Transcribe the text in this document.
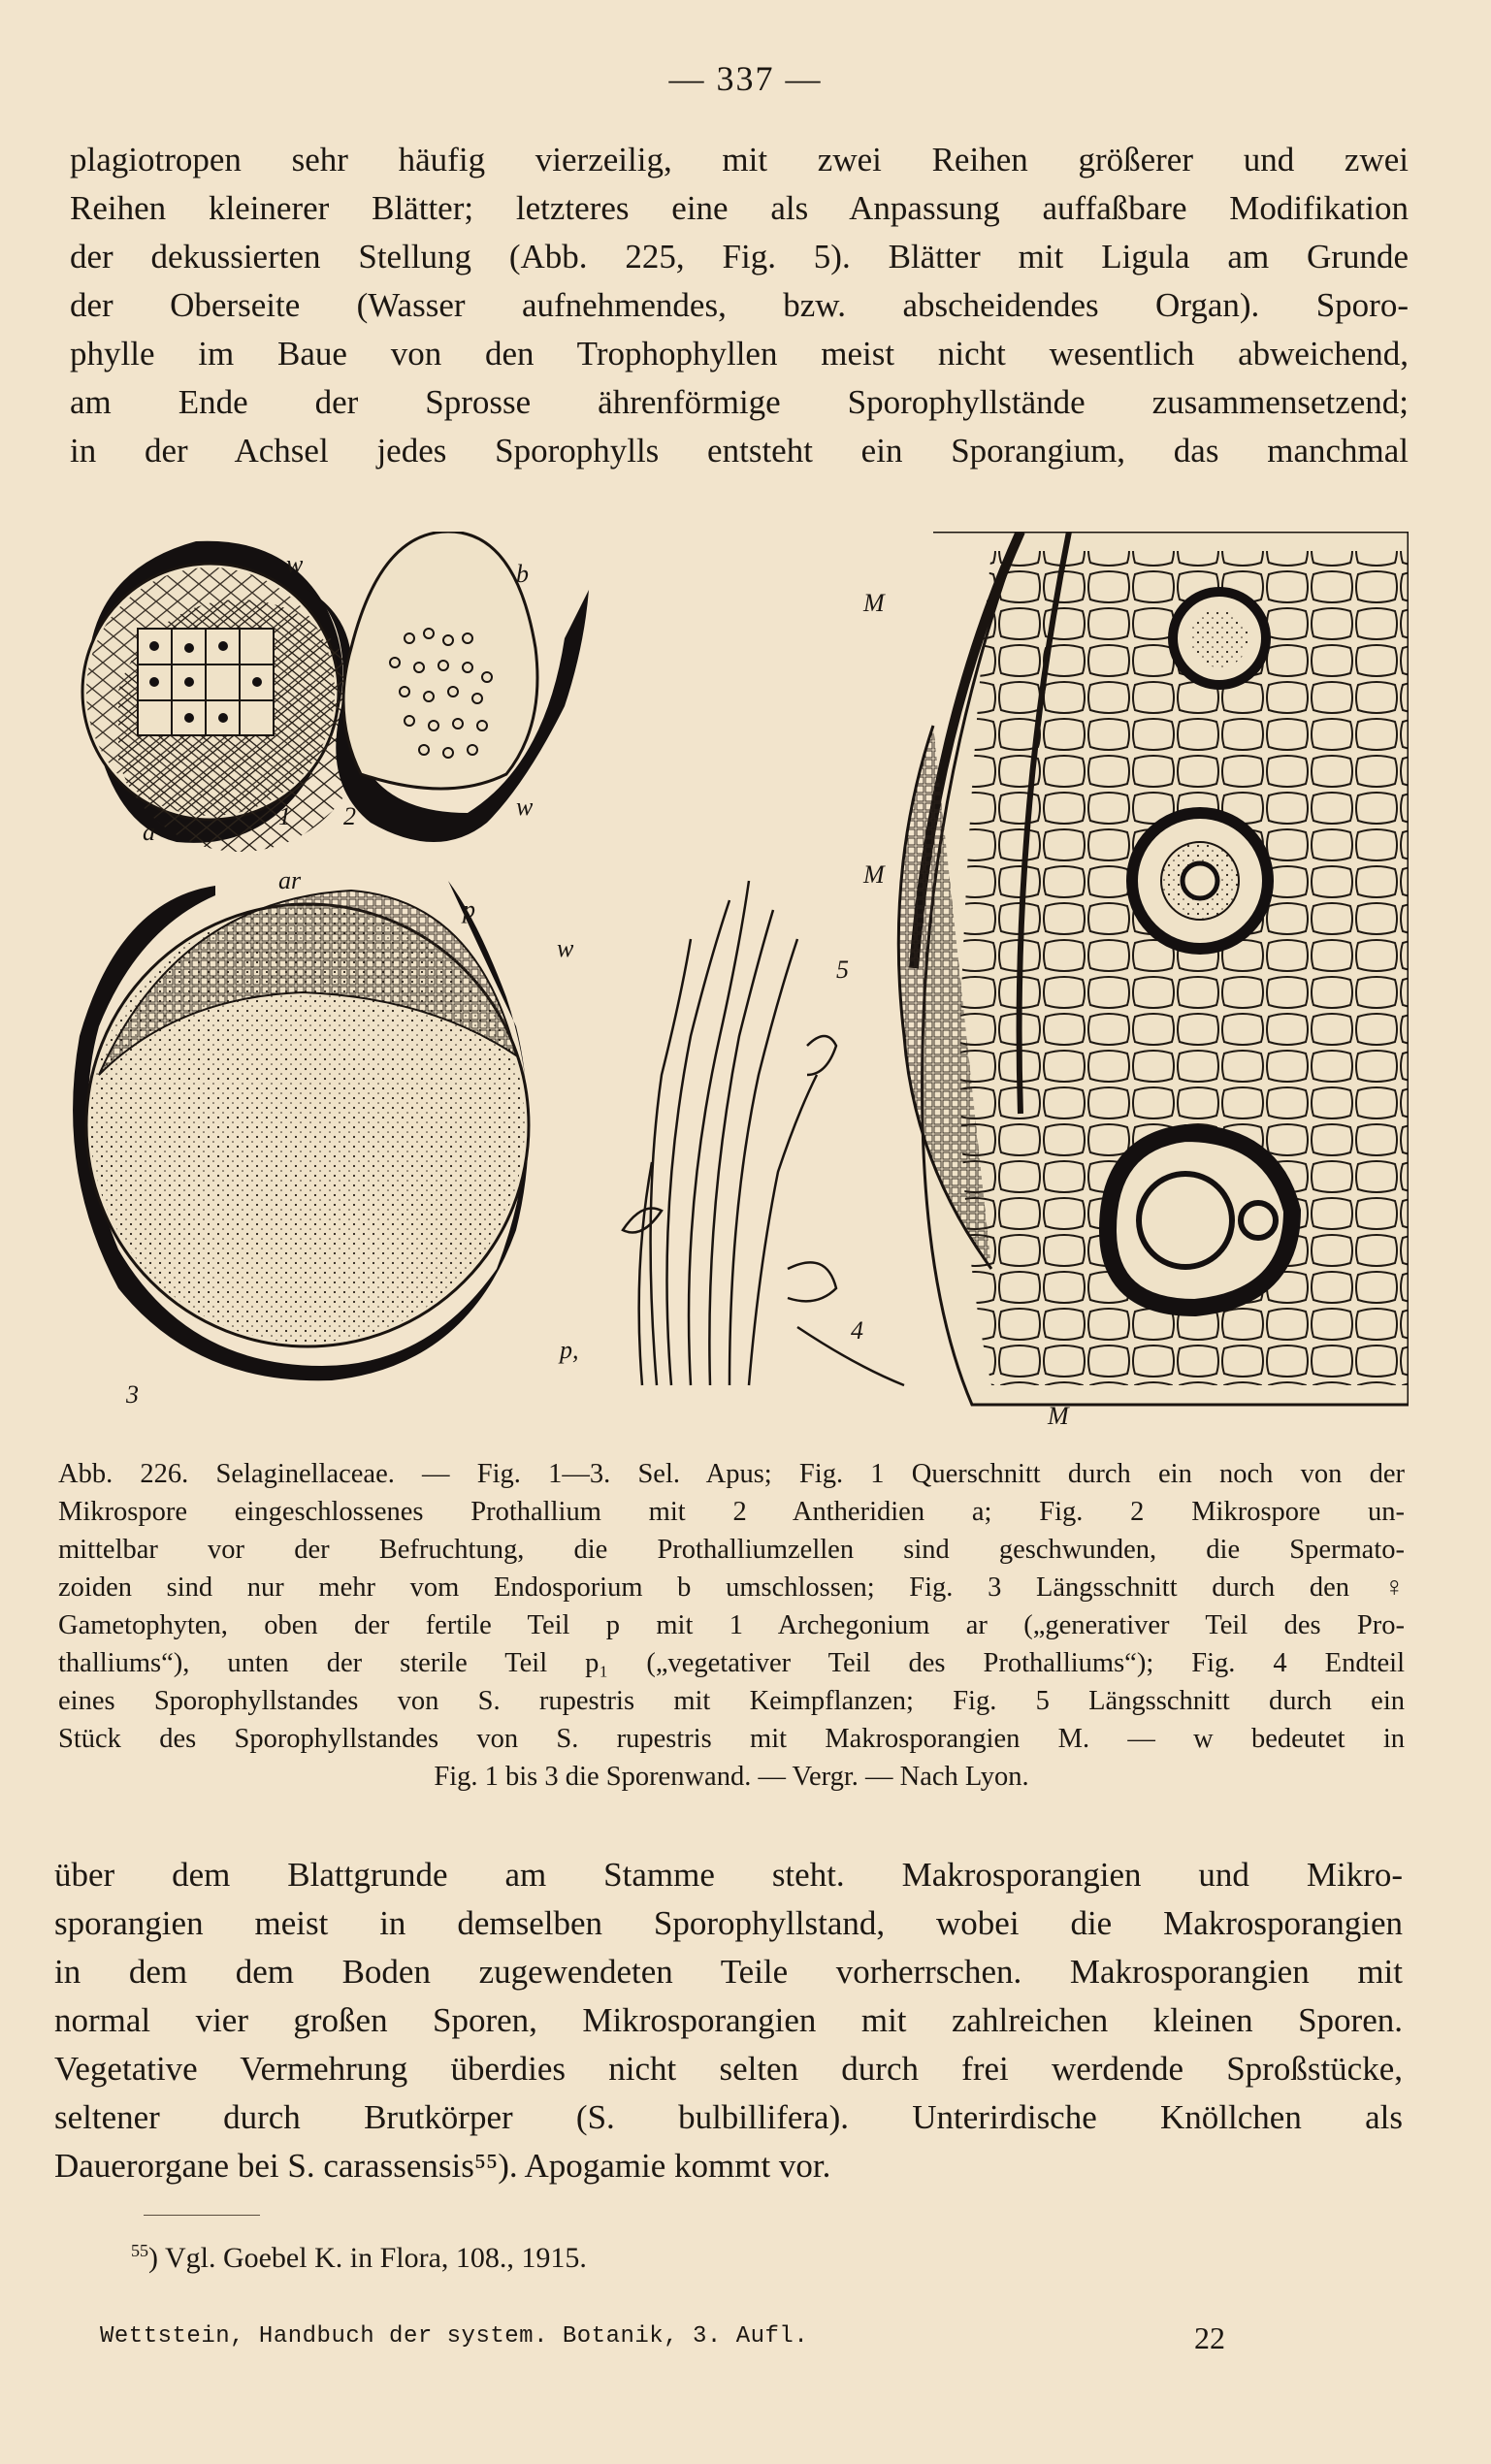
— 337 —
plagiotropen sehr häufig vierzeilig, mit zwei Reihen größerer und zwei
Reihen kleinerer Blätter; letzteres eine als Anpassung auffaßbare Modifikation
der dekussierten Stellung (Abb. 225, Fig. 5). Blätter mit Ligula am Grunde
der Oberseite (Wasser aufnehmendes, bzw. abscheidendes Organ). Sporo-
phylle im Baue von den Trophophyllen meist nicht wesentlich abweichend,
am Ende der Sprosse ährenförmige Sporophyllstände zusammensetzend;
in der Achsel jedes Sporophylls entsteht ein Sporangium, das manchmal
w
a
1 2
b
w
ar
p
w
p,
3
5
4
M
M
M
Abb. 226. Selaginellaceae. — Fig. 1—3. Sel. Apus; Fig. 1 Querschnitt durch ein noch von der
Mikrospore eingeschlossenes Prothallium mit 2 Antheridien a; Fig. 2 Mikrospore un-
mittelbar vor der Befruchtung, die Prothalliumzellen sind geschwunden, die Spermato-
zoiden sind nur mehr vom Endosporium b umschlossen; Fig. 3 Längsschnitt durch den ♀
Gametophyten, oben der fertile Teil p mit 1 Archegonium ar („generativer Teil des Pro-
thalliums“), unten der sterile Teil p₁ („vegetativer Teil des Prothalliums“); Fig. 4 Endteil
eines Sporophyllstandes von S. rupestris mit Keimpflanzen; Fig. 5 Längsschnitt durch ein
Stück des Sporophyllstandes von S. rupestris mit Makrosporangien M. — w bedeutet in
Fig. 1 bis 3 die Sporenwand. — Vergr. — Nach Lyon.
über dem Blattgrunde am Stamme steht. Makrosporangien und Mikro-
sporangien meist in demselben Sporophyllstand, wobei die Makrosporangien
in dem dem Boden zugewendeten Teile vorherrschen. Makrosporangien mit
normal vier großen Sporen, Mikrosporangien mit zahlreichen kleinen Sporen.
Vegetative Vermehrung überdies nicht selten durch frei werdende Sproßstücke,
seltener durch Brutkörper (S. bulbillifera). Unterirdische Knöllchen als
Dauerorgane bei S. carassensis⁵⁵). Apogamie kommt vor.
$^{55}$) Vgl. Goebel K. in Flora, 108., 1915.
Wettstein, Handbuch der system. Botanik, 3. Aufl.	22
